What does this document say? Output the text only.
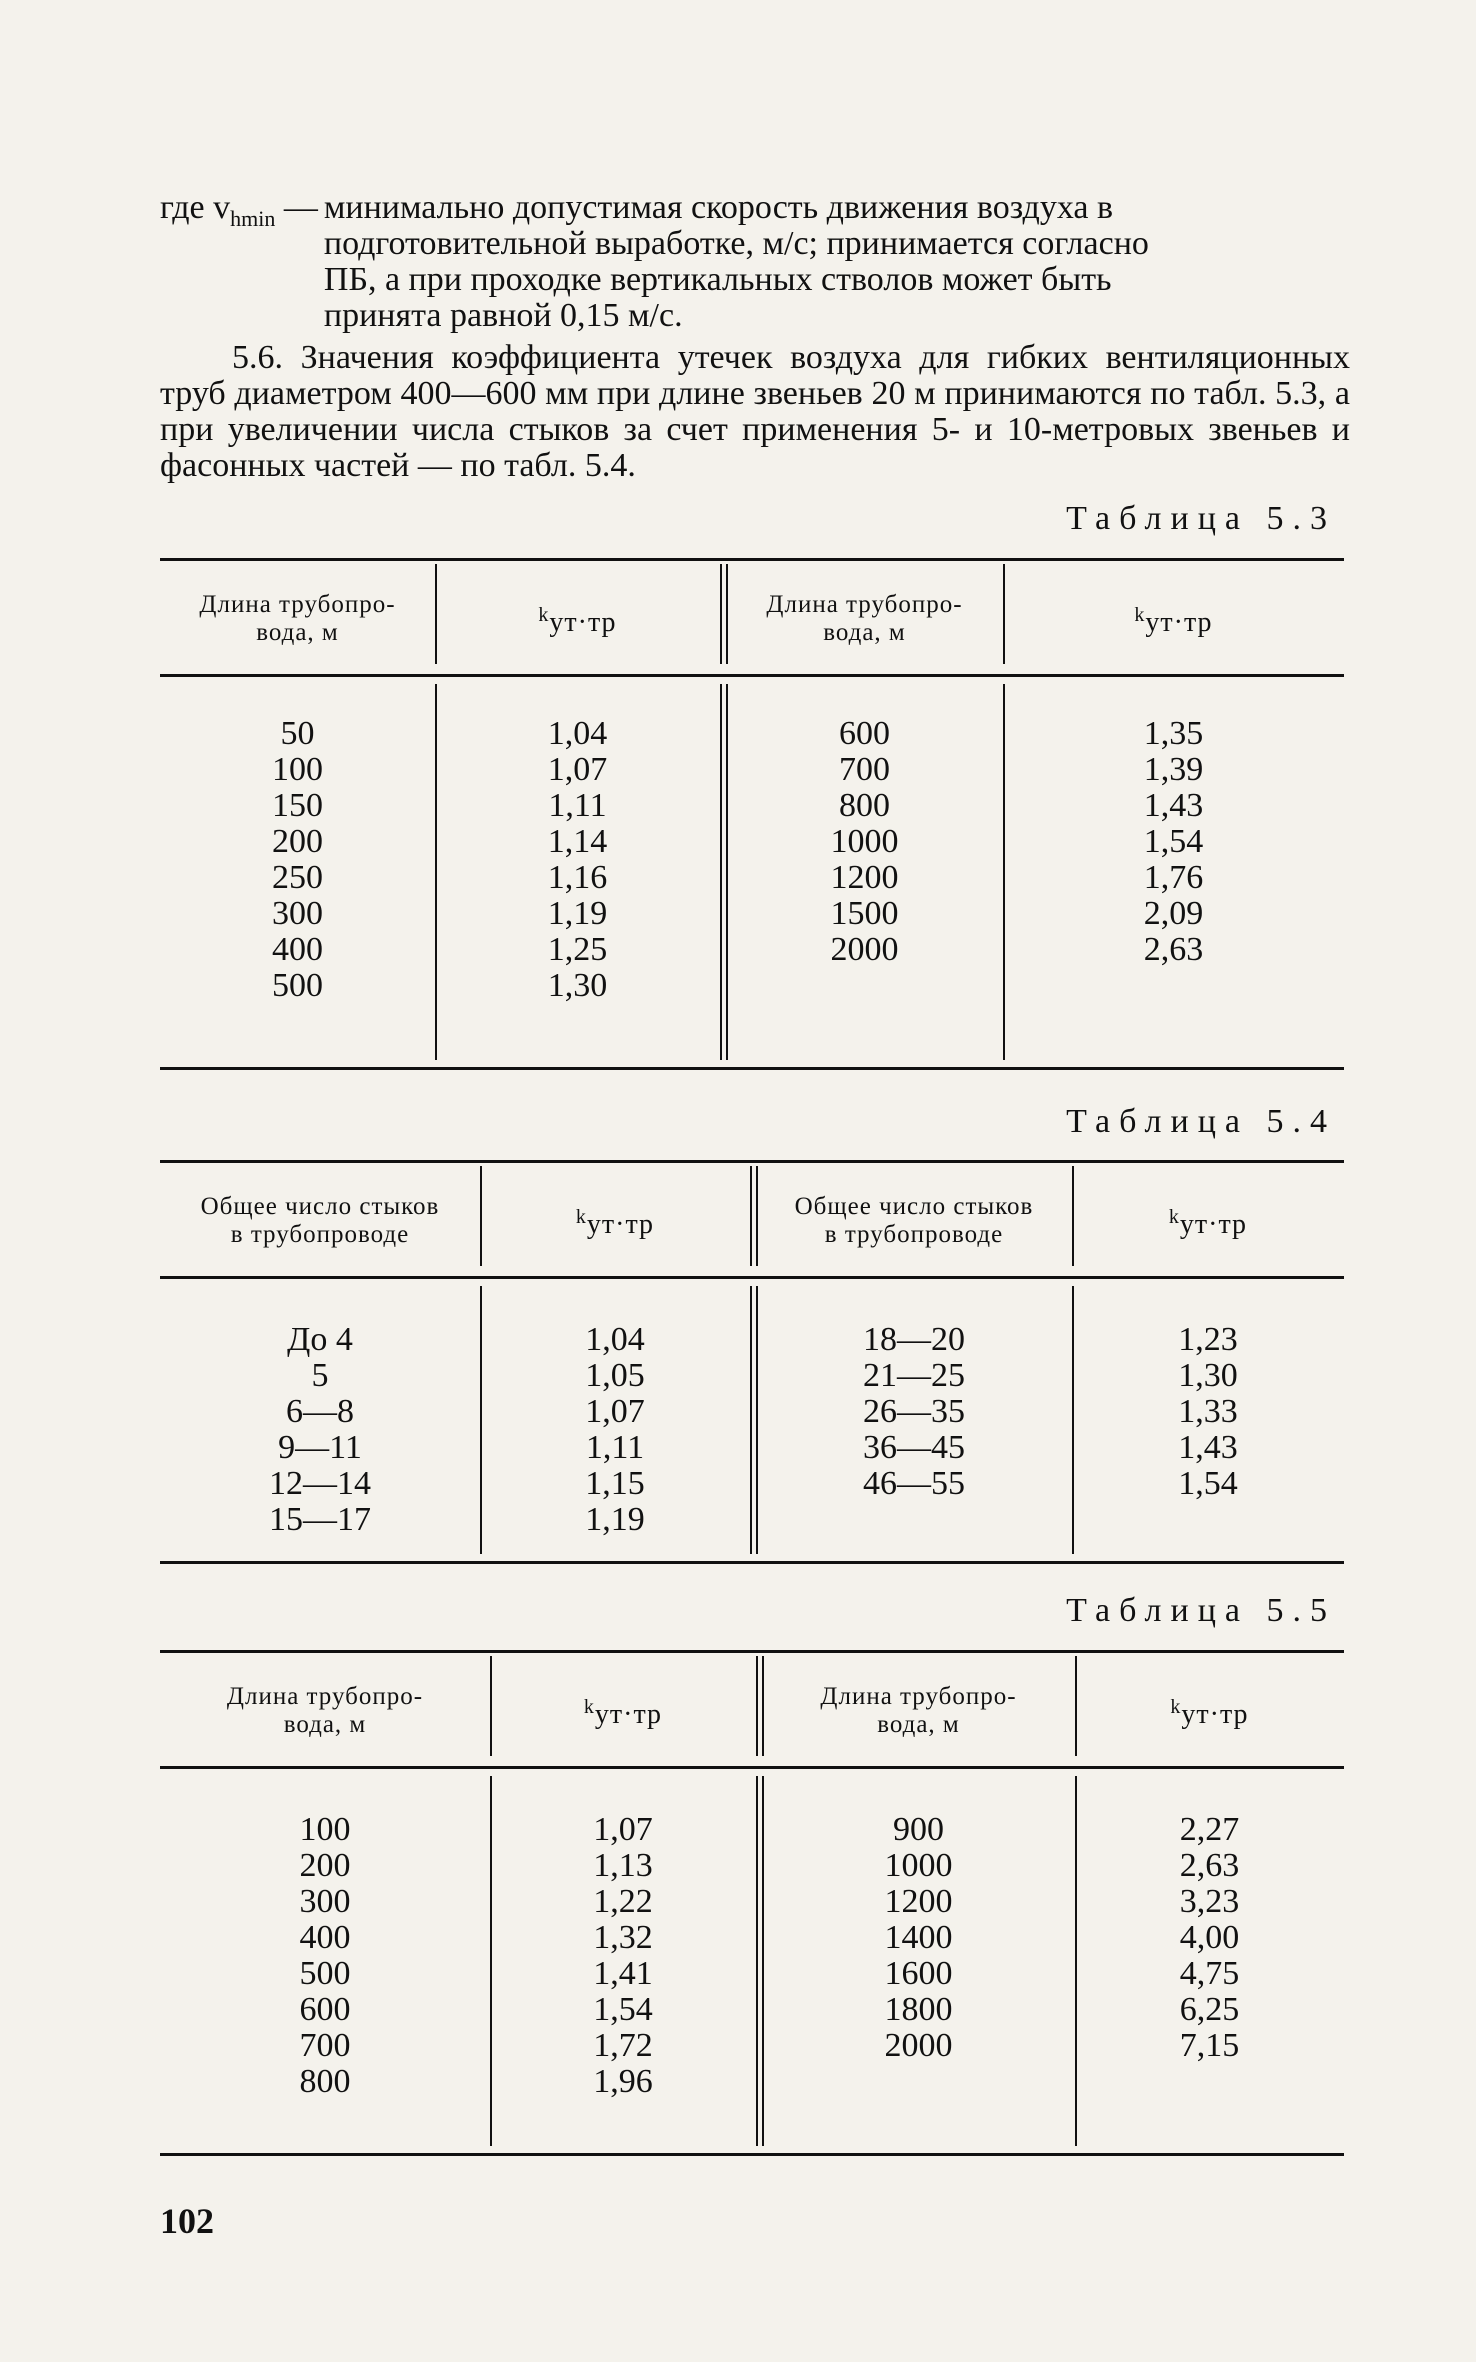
где $v_{hmin}$ — минимально допустимая скорость движения воздуха в
подготовительной выработке, м/с; принимается согласно
ПБ, а при проходке вертикальных стволов может быть
принята равной 0,15 м/с.
5.6. Значения коэффициента утечек воздуха для гибких вентиляционных труб диаметром 400—600 мм при длине звеньев 20 м принимаются по табл. 5.3, а при увеличении числа стыков за счет применения 5- и 10-метровых звеньев и фасонных частей — по табл. 5.4.
Таблица 5.3
Длина трубопро-
вода, м
$^k$ут·тр
Длина трубопро-
вода, м
$^k$ут·тр
50
100
150
200
250
300
400
500
1,04
1,07
1,11
1,14
1,16
1,19
1,25
1,30
600
700
800
1000
1200
1500
2000
1,35
1,39
1,43
1,54
1,76
2,09
2,63
Таблица 5.4
Общее число стыков
в трубопроводе
$^k$ут·тр
Общее число стыков
в трубопроводе
$^k$ут·тр
До 4
5
6—8
9—11
12—14
15—17
1,04
1,05
1,07
1,11
1,15
1,19
18—20
21—25
26—35
36—45
46—55
1,23
1,30
1,33
1,43
1,54
Таблица 5.5
Длина трубопро-
вода, м
$^k$ут·тр
Длина трубопро-
вода, м
$^k$ут·тр
100
200
300
400
500
600
700
800
1,07
1,13
1,22
1,32
1,41
1,54
1,72
1,96
900
1000
1200
1400
1600
1800
2000
2,27
2,63
3,23
4,00
4,75
6,25
7,15
102
